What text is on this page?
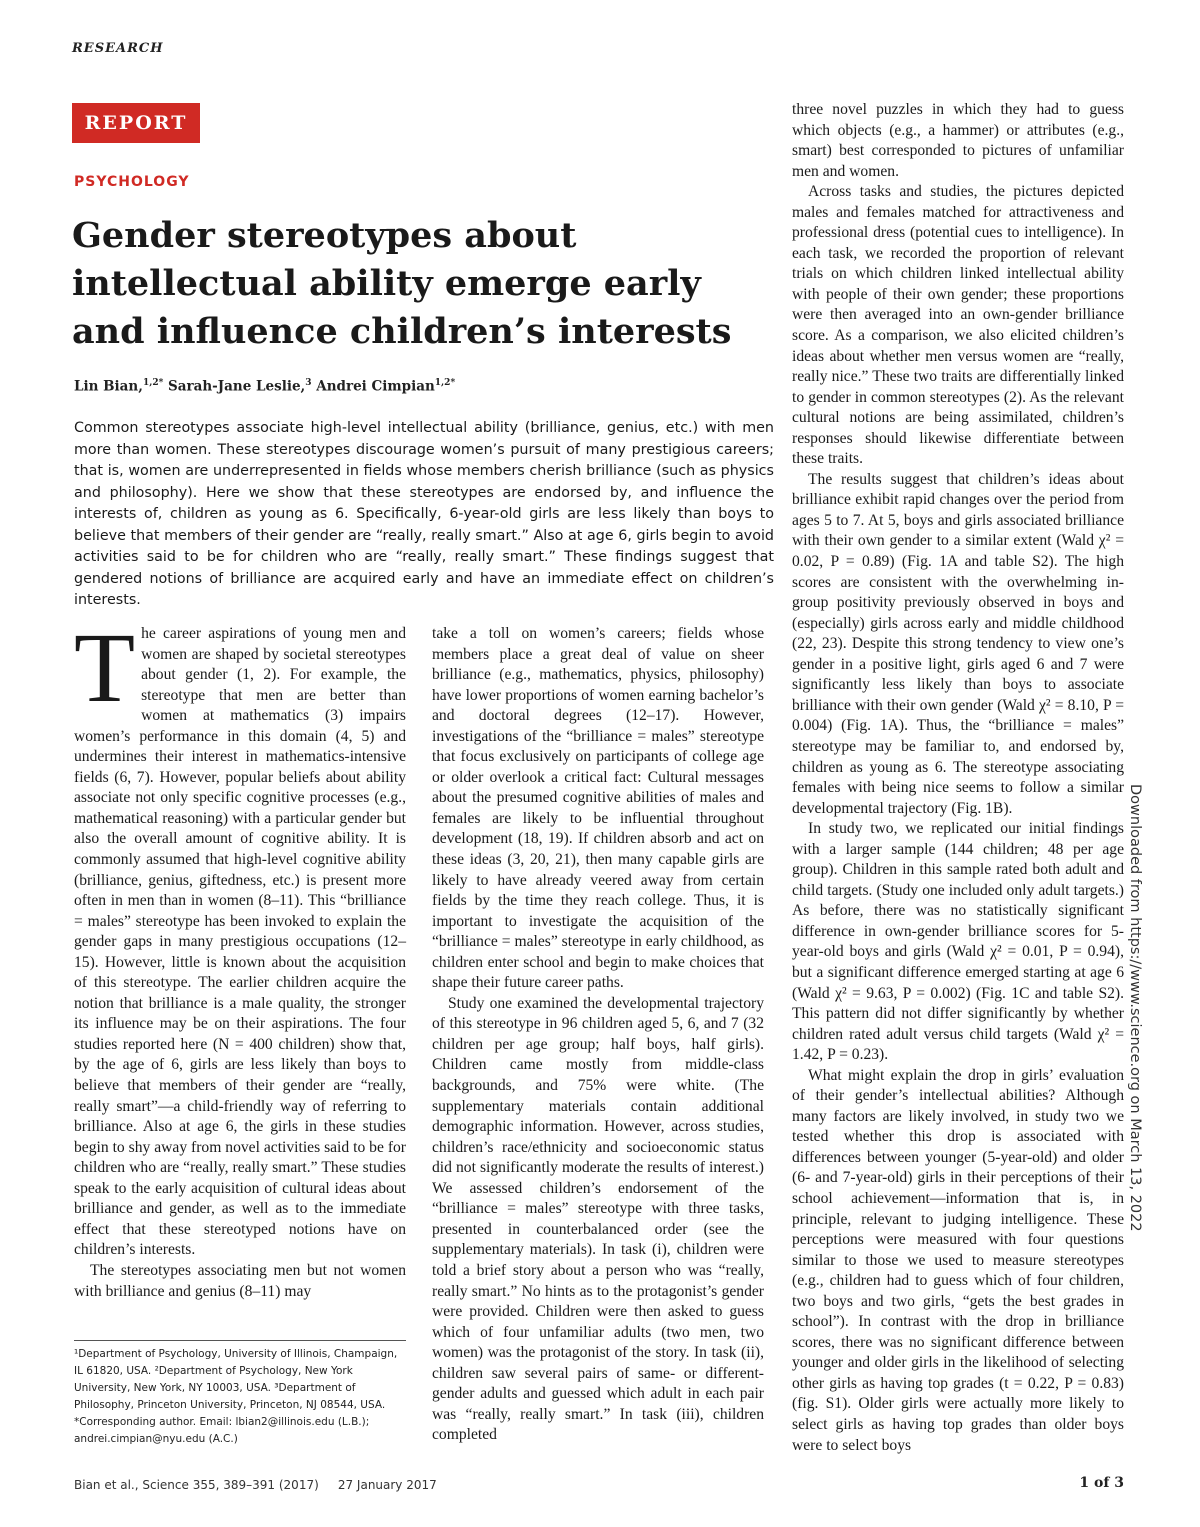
RESEARCH
REPORT
PSYCHOLOGY
Gender stereotypes about intellectual ability emerge early and influence children’s interests
Lin Bian,$^{1,2*}$ Sarah-Jane Leslie,$^3$ Andrei Cimpian$^{1,2*}$

Common stereotypes associate high-level intellectual ability (brilliance, genius, etc.) with men more than women. These stereotypes discourage women’s pursuit of many prestigious careers; that is, women are underrepresented in fields whose members cherish brilliance (such as physics and philosophy). Here we show that these stereotypes are endorsed by, and influence the interests of, children as young as 6. Specifically, 6-year-old girls are less likely than boys to believe that members of their gender are “really, really smart.” Also at age 6, girls begin to avoid activities said to be for children who are “really, really smart.” These findings suggest that gendered notions of brilliance are acquired early and have an immediate effect on children’s interests.

The career aspirations of young men and women are shaped by societal stereotypes about gender (1, 2). For example, the stereotype that men are better than women at mathematics (3) impairs women’s performance in this domain (4, 5) and undermines their interest in mathematics-intensive fields (6, 7). However, popular beliefs about ability associate not only specific cognitive processes (e.g., mathematical reasoning) with a particular gender but also the overall amount of cognitive ability. It is commonly assumed that high-level cognitive ability (brilliance, genius, giftedness, etc.) is present more often in men than in women (8–11). This “brilliance = males” stereotype has been invoked to explain the gender gaps in many prestigious occupations (12–15). However, little is known about the acquisition of this stereotype. The earlier children acquire the notion that brilliance is a male quality, the stronger its influence may be on their aspirations. The four studies reported here (N = 400 children) show that, by the age of 6, girls are less likely than boys to believe that members of their gender are “really, really smart”—a child-friendly way of referring to brilliance. Also at age 6, the girls in these studies begin to shy away from novel activities said to be for children who are “really, really smart.” These studies speak to the early acquisition of cultural ideas about brilliance and gender, as well as to the immediate effect that these stereotyped notions have on children’s interests.

The stereotypes associating men but not women with brilliance and genius (8–11) may

take a toll on women’s careers; fields whose members place a great deal of value on sheer brilliance (e.g., mathematics, physics, philosophy) have lower proportions of women earning bachelor’s and doctoral degrees (12–17). However, investigations of the “brilliance = males” stereotype that focus exclusively on participants of college age or older overlook a critical fact: Cultural messages about the presumed cognitive abilities of males and females are likely to be influential throughout development (18, 19). If children absorb and act on these ideas (3, 20, 21), then many capable girls are likely to have already veered away from certain fields by the time they reach college. Thus, it is important to investigate the acquisition of the “brilliance = males” stereotype in early childhood, as children enter school and begin to make choices that shape their future career paths.

Study one examined the developmental trajectory of this stereotype in 96 children aged 5, 6, and 7 (32 children per age group; half boys, half girls). Children came mostly from middle-class backgrounds, and 75% were white. (The supplementary materials contain additional demographic information. However, across studies, children’s race/ethnicity and socioeconomic status did not significantly moderate the results of interest.) We assessed children’s endorsement of the “brilliance = males” stereotype with three tasks, presented in counterbalanced order (see the supplementary materials). In task (i), children were told a brief story about a person who was “really, really smart.” No hints as to the protagonist’s gender were provided. Children were then asked to guess which of four unfamiliar adults (two men, two women) was the protagonist of the story. In task (ii), children saw several pairs of same- or different-gender adults and guessed which adult in each pair was “really, really smart.” In task (iii), children completed

three novel puzzles in which they had to guess which objects (e.g., a hammer) or attributes (e.g., smart) best corresponded to pictures of unfamiliar men and women.

Across tasks and studies, the pictures depicted males and females matched for attractiveness and professional dress (potential cues to intelligence). In each task, we recorded the proportion of relevant trials on which children linked intellectual ability with people of their own gender; these proportions were then averaged into an own-gender brilliance score. As a comparison, we also elicited children’s ideas about whether men versus women are “really, really nice.” These two traits are differentially linked to gender in common stereotypes (2). As the relevant cultural notions are being assimilated, children’s responses should likewise differentiate between these traits.

The results suggest that children’s ideas about brilliance exhibit rapid changes over the period from ages 5 to 7. At 5, boys and girls associated brilliance with their own gender to a similar extent (Wald χ² = 0.02, P = 0.89) (Fig. 1A and table S2). The high scores are consistent with the overwhelming in-group positivity previously observed in boys and (especially) girls across early and middle childhood (22, 23). Despite this strong tendency to view one’s gender in a positive light, girls aged 6 and 7 were significantly less likely than boys to associate brilliance with their own gender (Wald χ² = 8.10, P = 0.004) (Fig. 1A). Thus, the “brilliance = males” stereotype may be familiar to, and endorsed by, children as young as 6. The stereotype associating females with being nice seems to follow a similar developmental trajectory (Fig. 1B).

In study two, we replicated our initial findings with a larger sample (144 children; 48 per age group). Children in this sample rated both adult and child targets. (Study one included only adult targets.) As before, there was no statistically significant difference in own-gender brilliance scores for 5-year-old boys and girls (Wald χ² = 0.01, P = 0.94), but a significant difference emerged starting at age 6 (Wald χ² = 9.63, P = 0.002) (Fig. 1C and table S2). This pattern did not differ significantly by whether children rated adult versus child targets (Wald χ² = 1.42, P = 0.23).

What might explain the drop in girls’ evaluation of their gender’s intellectual abilities? Although many factors are likely involved, in study two we tested whether this drop is associated with differences between younger (5-year-old) and older (6- and 7-year-old) girls in their perceptions of their school achievement—information that is, in principle, relevant to judging intelligence. These perceptions were measured with four questions similar to those we used to measure stereotypes (e.g., children had to guess which of four children, two boys and two girls, “gets the best grades in school”). In contrast with the drop in brilliance scores, there was no significant difference between younger and older girls in the likelihood of selecting other girls as having top grades (t = 0.22, P = 0.83) (fig. S1). Older girls were actually more likely to select girls as having top grades than older boys were to select boys

¹Department of Psychology, University of Illinois, Champaign, IL 61820, USA. ²Department of Psychology, New York University, New York, NY 10003, USA. ³Department of Philosophy, Princeton University, Princeton, NJ 08544, USA.
*Corresponding author. Email: lbian2@illinois.edu (L.B.); andrei.cimpian@nyu.edu (A.C.)
Bian et al., Science 355, 389–391 (2017)     27 January 2017	1 of 3
Downloaded from https://www.science.org on March 13, 2022
